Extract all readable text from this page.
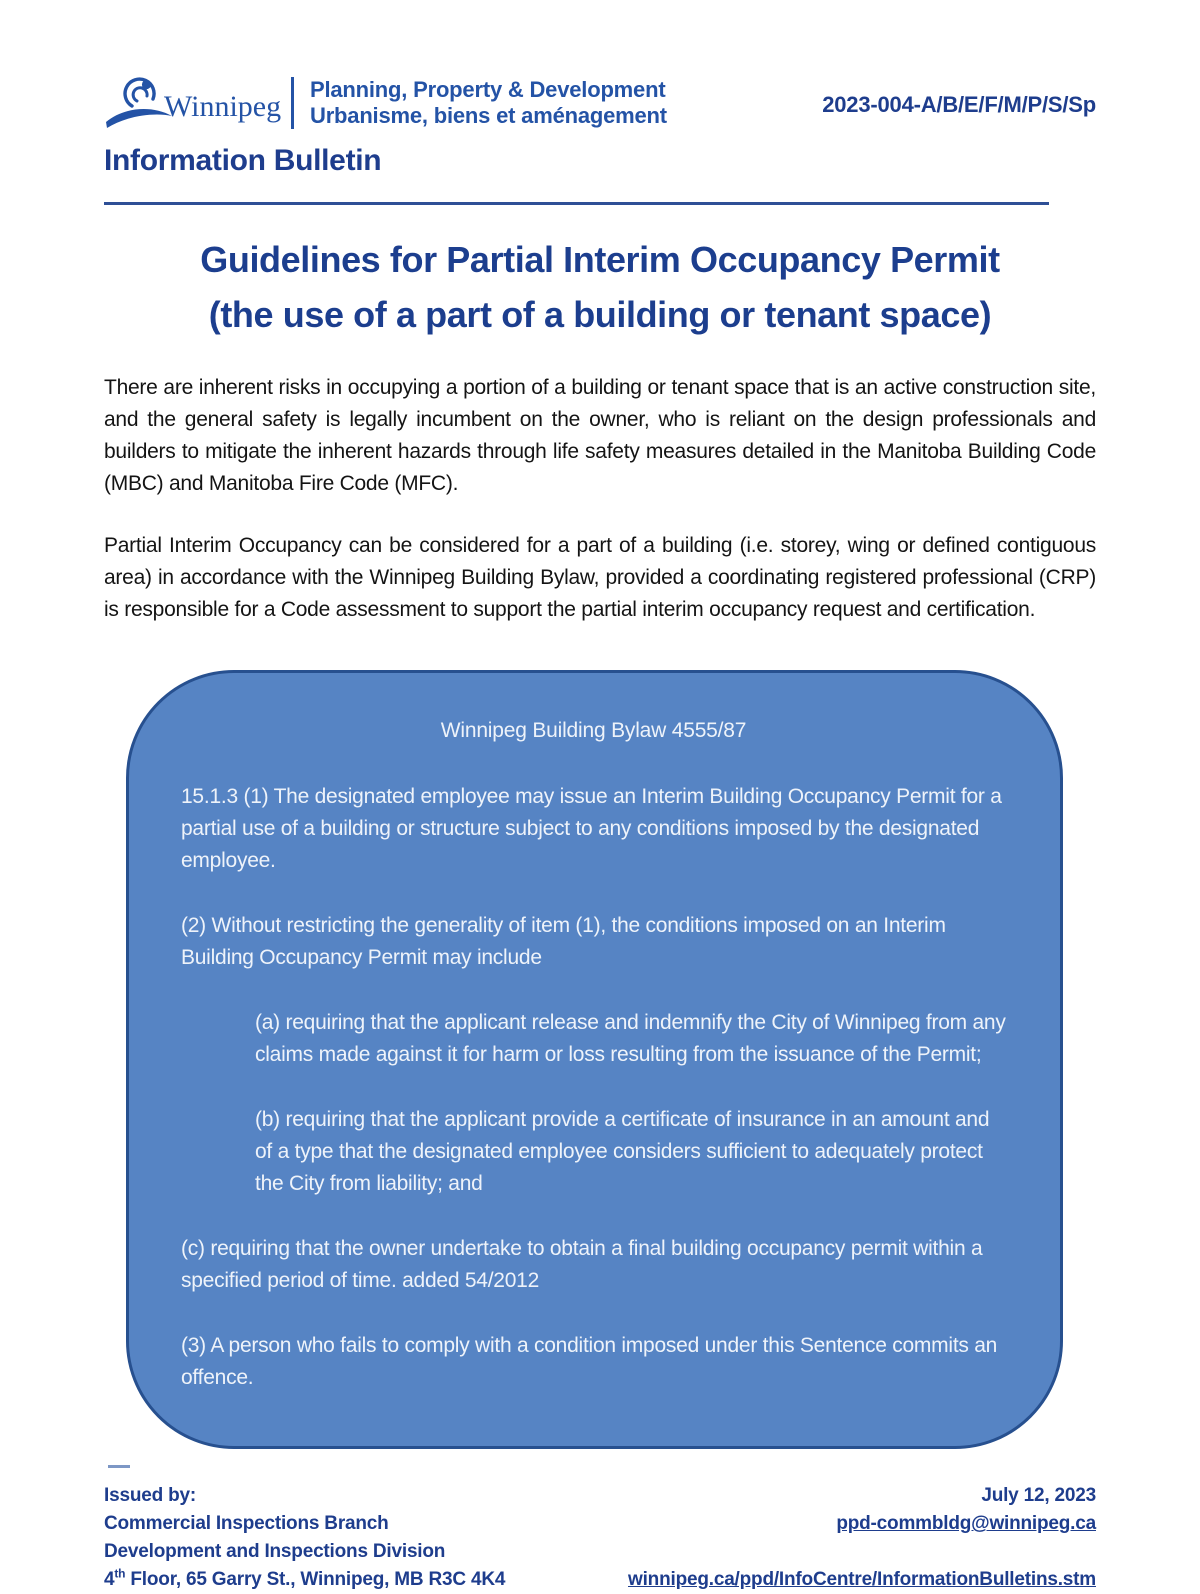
Winnipeg
Planning, Property & Development
Urbanisme, biens et aménagement	2023-004-A/B/E/F/M/P/S/Sp
Information Bulletin
Guidelines for Partial Interim Occupancy Permit
(the use of a part of a building or tenant space)

There are inherent risks in occupying a portion of a building or tenant space that is an active construction site, and the general safety is legally incumbent on the owner, who is reliant on the design professionals and builders to mitigate the inherent hazards through life safety measures detailed in the Manitoba Building Code (MBC) and Manitoba Fire Code (MFC).

Partial Interim Occupancy can be considered for a part of a building (i.e. storey, wing or defined contiguous area) in accordance with the Winnipeg Building Bylaw, provided a coordinating registered professional (CRP) is responsible for a Code assessment to support the partial interim occupancy request and certification.

Winnipeg Building Bylaw 4555/87

15.1.3 (1) The designated employee may issue an Interim Building Occupancy Permit for a partial use of a building or structure subject to any conditions imposed by the designated employee.

(2) Without restricting the generality of item (1), the conditions imposed on an Interim Building Occupancy Permit may include

(a) requiring that the applicant release and indemnify the City of Winnipeg from any claims made against it for harm or loss resulting from the issuance of the Permit;

(b) requiring that the applicant provide a certificate of insurance in an amount and of a type that the designated employee considers sufficient to adequately protect the City from liability; and

(c) requiring that the owner undertake to obtain a final building occupancy permit within a specified period of time. added 54/2012

(3) A person who fails to comply with a condition imposed under this Sentence commits an offence.

Issued by:
Commercial Inspections Branch
Development and Inspections Division
4th Floor, 65 Garry St., Winnipeg, MB R3C 4K4
July 12, 2023
ppd-commbldg@winnipeg.ca
winnipeg.ca/ppd/InfoCentre/InformationBulletins.stm
